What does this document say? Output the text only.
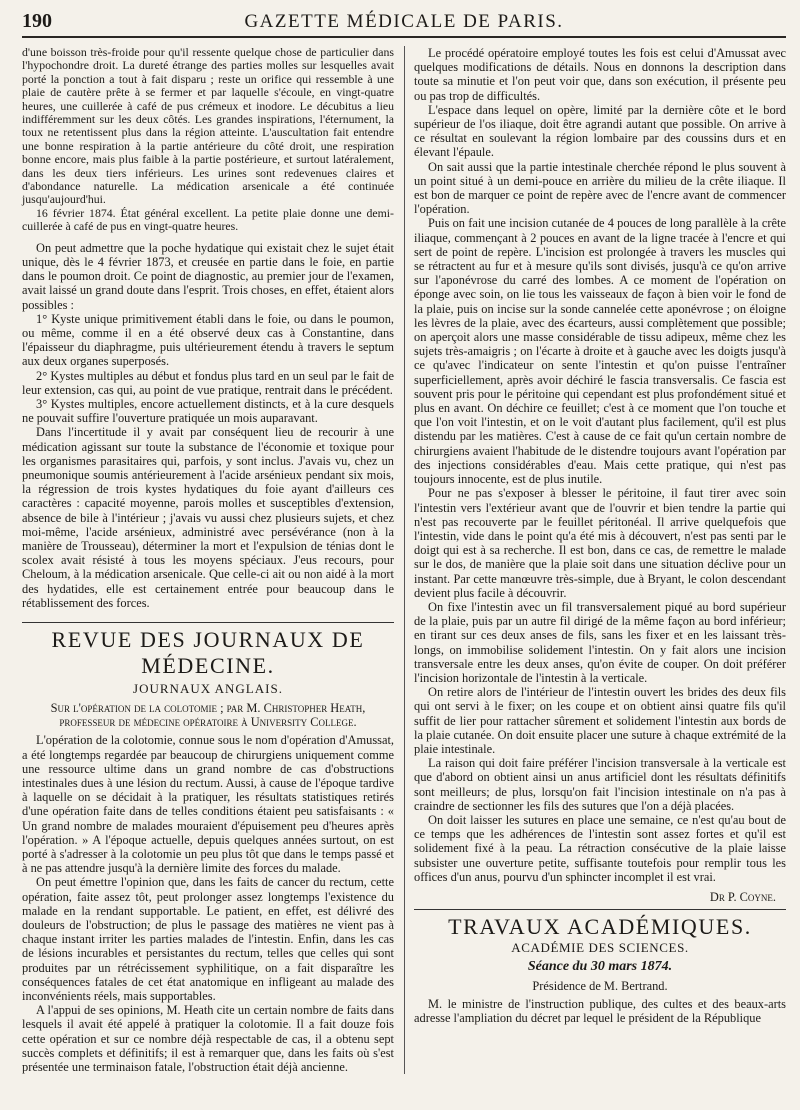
190	GAZETTE MÉDICALE DE PARIS.

d'une boisson très-froide pour qu'il ressente quelque chose de particulier dans l'hypochondre droit. La dureté étrange des parties molles sur lesquelles avait porté la ponction a tout à fait disparu ; reste un orifice qui ressemble à une plaie de cautère prête à se fermer et par laquelle s'écoule, en vingt-quatre heures, une cuillerée à café de pus crémeux et inodore. Le décubitus a lieu indifféremment sur les deux côtés. Les grandes inspirations, l'éternument, la toux ne retentissent plus dans la région atteinte. L'auscultation fait entendre une bonne respiration à la partie antérieure du côté droit, une respiration bonne encore, mais plus faible à la partie postérieure, et surtout latéralement, dans les deux tiers inférieurs. Les urines sont redevenues claires et d'abondance naturelle. La médication arsenicale a été continuée jusqu'aujourd'hui.

16 février 1874. État général excellent. La petite plaie donne une demi-cuillerée à café de pus en vingt-quatre heures.

On peut admettre que la poche hydatique qui existait chez le sujet était unique, dès le 4 février 1873, et creusée en partie dans le foie, en partie dans le poumon droit. Ce point de diagnostic, au premier jour de l'examen, avait laissé un grand doute dans l'esprit. Trois choses, en effet, étaient alors possibles :

1° Kyste unique primitivement établi dans le foie, ou dans le poumon, ou même, comme il en a été observé deux cas à Constantine, dans l'épaisseur du diaphragme, puis ultérieurement étendu à travers le septum aux deux organes superposés.

2° Kystes multiples au début et fondus plus tard en un seul par le fait de leur extension, cas qui, au point de vue pratique, rentrait dans le précédent.

3° Kystes multiples, encore actuellement distincts, et à la cure desquels ne pouvait suffire l'ouverture pratiquée un mois auparavant.

Dans l'incertitude il y avait par conséquent lieu de recourir à une médication agissant sur toute la substance de l'économie et toxique pour les organismes parasitaires qui, parfois, y sont inclus. J'avais vu, chez un pneumonique soumis antérieurement à l'acide arsénieux pendant six mois, la régression de trois kystes hydatiques du foie ayant d'ailleurs ces caractères : capacité moyenne, parois molles et susceptibles d'extension, absence de bile à l'intérieur ; j'avais vu aussi chez plusieurs sujets, et chez moi-même, l'acide arsénieux, administré avec persévérance (non à la manière de Trousseau), déterminer la mort et l'expulsion de ténias dont le scolex avait résisté à tous les moyens spéciaux. J'eus recours, pour Cheloum, à la médication arsenicale. Que celle-ci ait ou non aidé à la mort des hydatides, elle est certainement entrée pour beaucoup dans le rétablissement des forces.

REVUE DES JOURNAUX DE MÉDECINE.
JOURNAUX ANGLAIS.
Sur l'opération de la colotomie ; par M. Christopher Heath, professeur de médecine opératoire à University College.

L'opération de la colotomie, connue sous le nom d'opération d'Amussat, a été longtemps regardée par beaucoup de chirurgiens uniquement comme une ressource ultime dans un grand nombre de cas d'obstructions intestinales dues à une lésion du rectum. Aussi, à cause de l'époque tardive à laquelle on se décidait à la pratiquer, les résultats statistiques retirés d'une opération faite dans de telles conditions étaient peu satisfaisants : « Un grand nombre de malades mouraient d'épuisement peu d'heures après l'opération. » A l'époque actuelle, depuis quelques années surtout, on est porté à s'adresser à la colotomie un peu plus tôt que dans le temps passé et à ne pas attendre jusqu'à la dernière limite des forces du malade.

On peut émettre l'opinion que, dans les faits de cancer du rectum, cette opération, faite assez tôt, peut prolonger assez longtemps l'existence du malade en la rendant supportable. Le patient, en effet, est délivré des douleurs de l'obstruction; de plus le passage des matières ne vient pas à chaque instant irriter les parties malades de l'intestin. Enfin, dans les cas de lésions incurables et persistantes du rectum, telles que celles qui sont produites par un rétrécissement syphilitique, on a fait disparaître les conséquences fatales de cet état anatomique en infligeant au malade des inconvénients réels, mais supportables.

A l'appui de ses opinions, M. Heath cite un certain nombre de faits dans lesquels il avait été appelé à pratiquer la colotomie. Il a fait douze fois cette opération et sur ce nombre déjà respectable de cas, il a obtenu sept succès complets et définitifs; il est à remarquer que, dans les faits où s'est présentée une terminaison fatale, l'obstruction était déjà ancienne.

Le procédé opératoire employé toutes les fois est celui d'Amussat avec quelques modifications de détails. Nous en donnons la description dans toute sa minutie et l'on peut voir que, dans son exécution, il présente peu ou pas trop de difficultés.

L'espace dans lequel on opère, limité par la dernière côte et le bord supérieur de l'os iliaque, doit être agrandi autant que possible. On arrive à ce résultat en soulevant la région lombaire par des coussins durs et en élevant l'épaule.

On sait aussi que la partie intestinale cherchée répond le plus souvent à un point situé à un demi-pouce en arrière du milieu de la crête iliaque. Il est bon de marquer ce point de repère avec de l'encre avant de commencer l'opération.

Puis on fait une incision cutanée de 4 pouces de long parallèle à la crête iliaque, commençant à 2 pouces en avant de la ligne tracée à l'encre et qui sert de point de repère. L'incision est prolongée à travers les muscles qui se rétractent au fur et à mesure qu'ils sont divisés, jusqu'à ce qu'on arrive sur l'aponévrose du carré des lombes. A ce moment de l'opération on éponge avec soin, on lie tous les vaisseaux de façon à bien voir le fond de la plaie, puis on incise sur la sonde cannelée cette aponévrose ; on éloigne les lèvres de la plaie, avec des écarteurs, aussi complètement que possible; on aperçoit alors une masse considérable de tissu adipeux, même chez les sujets très-amaigris ; on l'écarte à droite et à gauche avec les doigts jusqu'à ce qu'avec l'indicateur on sente l'intestin et qu'on puisse l'entraîner superficiellement, après avoir déchiré le fascia transversalis. Ce fascia est souvent pris pour le péritoine qui cependant est plus profondément situé et plus en avant. On déchire ce feuillet; c'est à ce moment que l'on touche et que l'on voit l'intestin, et on le voit d'autant plus facilement, qu'il est plus distendu par les matières. C'est à cause de ce fait qu'un certain nombre de chirurgiens avaient l'habitude de le distendre toujours avant l'opération par des injections considérables d'eau. Mais cette pratique, qui n'est pas toujours innocente, est de plus inutile.

Pour ne pas s'exposer à blesser le péritoine, il faut tirer avec soin l'intestin vers l'extérieur avant que de l'ouvrir et bien tendre la partie qui n'est pas recouverte par le feuillet péritonéal. Il arrive quelquefois que l'intestin, vide dans le point qu'a été mis à découvert, n'est pas senti par le doigt qui est à sa recherche. Il est bon, dans ce cas, de remettre le malade sur le dos, de manière que la plaie soit dans une situation déclive pour un instant. Par cette manœuvre très-simple, due à Bryant, le colon descendant devient plus facile à découvrir.

On fixe l'intestin avec un fil transversalement piqué au bord supérieur de la plaie, puis par un autre fil dirigé de la même façon au bord inférieur; en tirant sur ces deux anses de fils, sans les fixer et en les laissant très-longs, on immobilise solidement l'intestin. On y fait alors une incision transversale entre les deux anses, qu'on évite de couper. On doit préférer l'incision horizontale de l'intestin à la verticale.

On retire alors de l'intérieur de l'intestin ouvert les brides des deux fils qui ont servi à le fixer; on les coupe et on obtient ainsi quatre fils qu'il suffit de lier pour rattacher sûrement et solidement l'intestin aux bords de la plaie cutanée. On doit ensuite placer une suture à chaque extrémité de la plaie intestinale.

La raison qui doit faire préférer l'incision transversale à la verticale est que d'abord on obtient ainsi un anus artificiel dont les résultats définitifs sont meilleurs; de plus, lorsqu'on fait l'incision intestinale on n'a pas à craindre de sectionner les fils des sutures que l'on a déjà placées.

On doit laisser les sutures en place une semaine, ce n'est qu'au bout de ce temps que les adhérences de l'intestin sont assez fortes et qu'il est solidement fixé à la peau. La rétraction consécutive de la plaie laisse subsister une ouverture petite, suffisante toutefois pour remplir tous les offices d'un anus, pourvu d'un sphincter incomplet il est vrai.

Dr P. Coyne.
TRAVAUX ACADÉMIQUES.
ACADÉMIE DES SCIENCES.
Séance du 30 mars 1874.
Présidence de M. Bertrand.

M. le ministre de l'instruction publique, des cultes et des beaux-arts adresse l'ampliation du décret par lequel le président de la République
